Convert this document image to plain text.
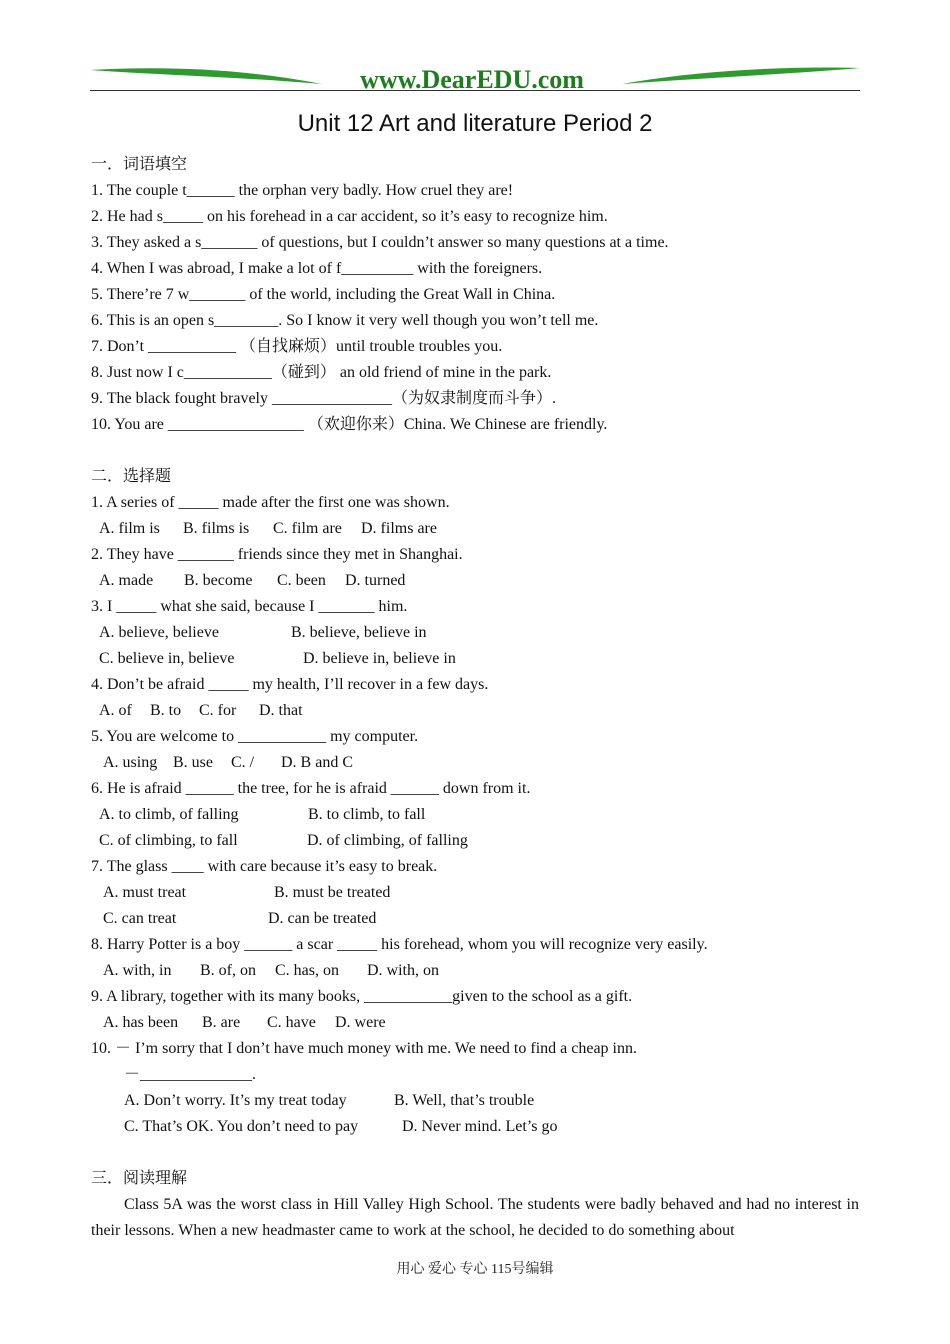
www.DearEDU.com
Unit 12 Art and literature Period 2
一．词语填空
1. The couple t______ the orphan very badly. How cruel they are!
2. He had s_____ on his forehead in a car accident, so it’s easy to recognize him.
3. They asked a s_______ of questions, but I couldn’t answer so many questions at a time.
4. When I was abroad, I make a lot of f_________ with the foreigners.
5. There’re 7 w_______ of the world, including the Great Wall in China.
6. This is an open s________. So I know it very well though you won’t tell me.
7. Don’t ___________ （自找麻烦）until trouble troubles you.
8. Just now I c___________（碰到） an old friend of mine in the park.
9. The black fought bravely _______________（为奴隶制度而斗争）.
10. You are _________________ （欢迎你来）China. We Chinese are friendly.
二．选择题
1. A series of _____ made after the first one was shown.
A. film is B. films is C. film are D. films are
2. They have _______ friends since they met in Shanghai.
A. made B. become C. been D. turned
3. I _____ what she said, because I _______ him.
A. believe, believe	B. believe, believe in
C. believe in, believe	D. believe in, believe in
4. Don’t be afraid _____ my health, I’ll recover in a few days.
A. of B. to C. for D. that
5. You are welcome to ___________ my computer.
A. using B. use C. / D. B and C
6. He is afraid ______ the tree, for he is afraid ______ down from it.
A. to climb, of falling	B. to climb, to fall
C. of climbing, to fall	D. of climbing, of falling
7. The glass ____ with care because it’s easy to break.
A. must treat	B. must be treated
C. can treat	D. can be treated
8. Harry Potter is a boy ______ a scar _____ his forehead, whom you will recognize very easily.
A. with, in B. of, on C. has, on D. with, on
9. A library, together with its many books, ___________given to the school as a gift.
A. has been B. are C. have D. were
10. － I’m sorry that I don’t have much money with me. We need to find a cheap inn.
－______________.
A. Don’t worry. It’s my treat today	B. Well, that’s trouble
C. That’s OK. You don’t need to pay	D. Never mind. Let’s go
三．阅读理解

Class 5A was the worst class in Hill Valley High School. The students were badly behaved and had no interest in their lessons. When a new headmaster came to work at the school, he decided to do something about

用心 爱心 专心 115号编辑
